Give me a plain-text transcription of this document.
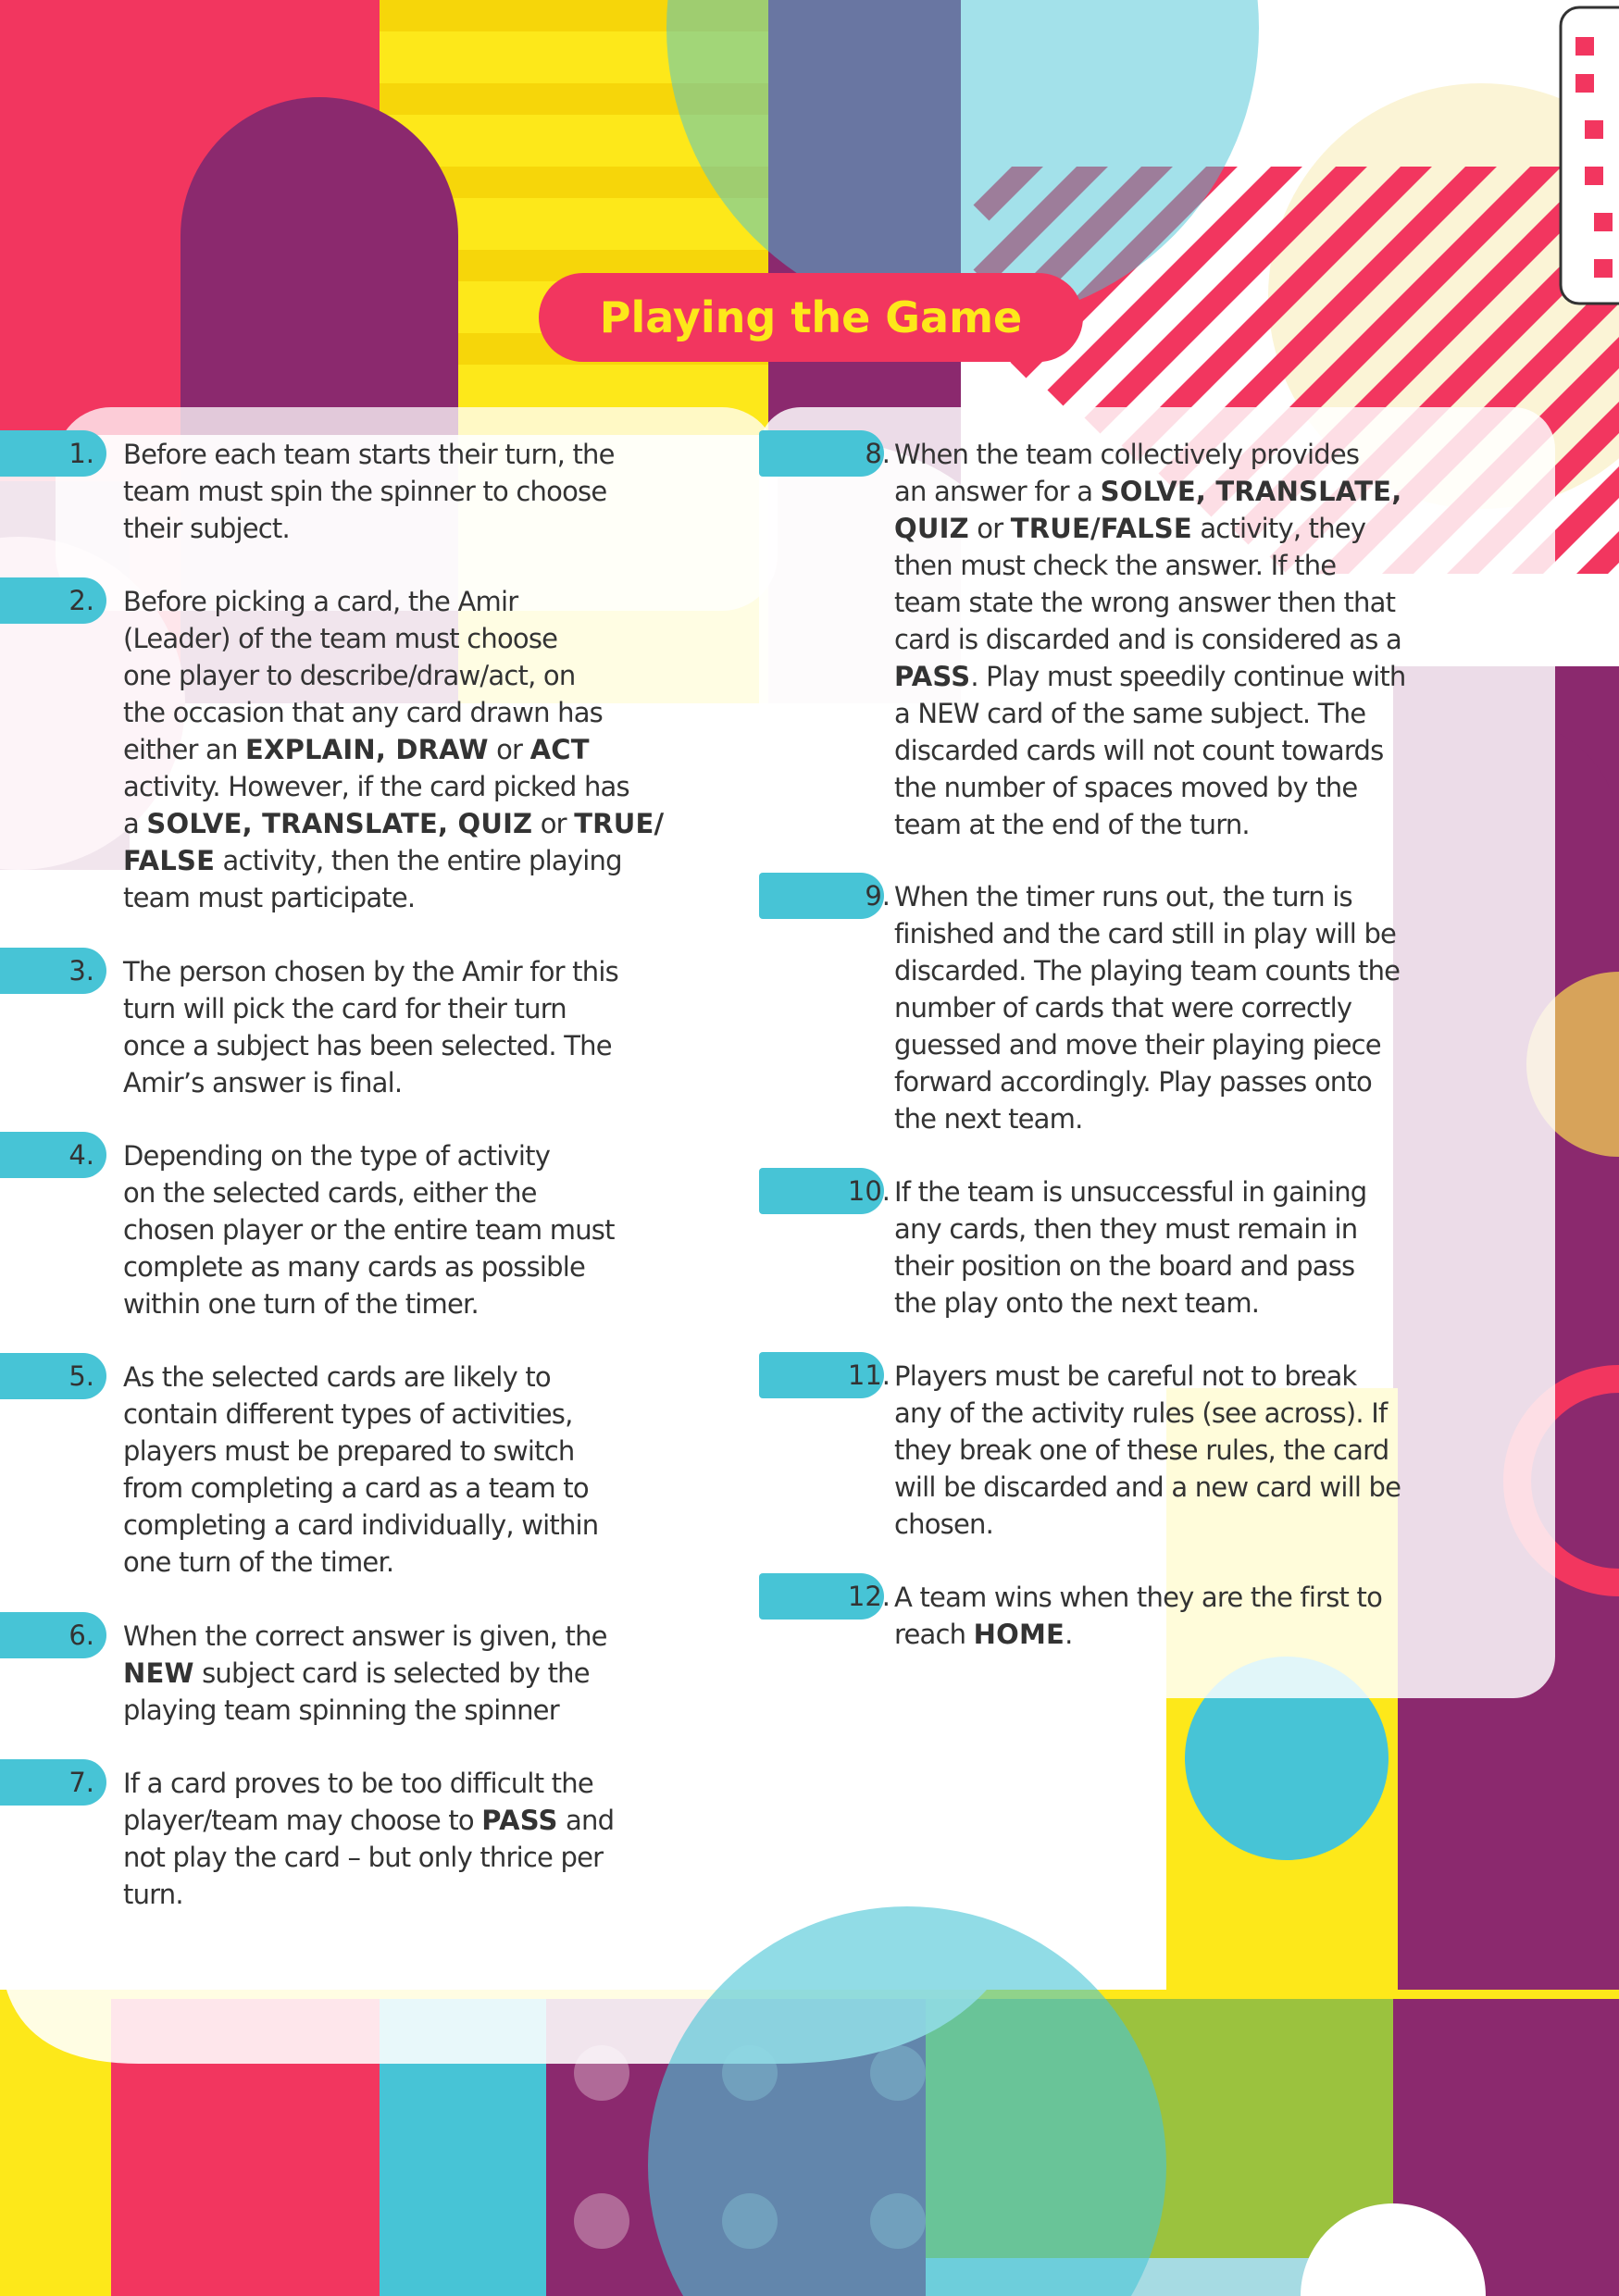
Playing the Game
1. Before each team starts their turn, the
team must spin the spinner to choose
their subject.
2. Before picking a card, the Amir
(Leader) of the team must choose
one player to describe/draw/act, on
the occasion that any card drawn has
either an EXPLAIN, DRAW or ACT
activity. However, if the card picked has
a SOLVE, TRANSLATE, QUIZ or TRUE/
FALSE activity, then the entire playing
team must participate.
3. The person chosen by the Amir for this
turn will pick the card for their turn
once a subject has been selected. The
Amir’s answer is final.
4. Depending on the type of activity
on the selected cards, either the
chosen player or the entire team must
complete as many cards as possible
within one turn of the timer.
5. As the selected cards are likely to
contain different types of activities,
players must be prepared to switch
from completing a card as a team to
completing a card individually, within
one turn of the timer.
6. When the correct answer is given, the
NEW subject card is selected by the
playing team spinning the spinner
7. If a card proves to be too difficult the
player/team may choose to PASS and
not play the card – but only thrice per
turn.
8. When the team collectively provides
an answer for a SOLVE, TRANSLATE,
QUIZ or TRUE/FALSE activity, they
then must check the answer. If the
team state the wrong answer then that
card is discarded and is considered as a
PASS. Play must speedily continue with
a NEW card of the same subject. The
discarded cards will not count towards
the number of spaces moved by the
team at the end of the turn.
9. When the timer runs out, the turn is
finished and the card still in play will be
discarded. The playing team counts the
number of cards that were correctly
guessed and move their playing piece
forward accordingly. Play passes onto
the next team.
10. If the team is unsuccessful in gaining
any cards, then they must remain in
their position on the board and pass
the play onto the next team.
11. Players must be careful not to break
any of the activity rules (see across). If
they break one of these rules, the card
will be discarded and a new card will be
chosen.
12. A team wins when they are the first to
reach HOME.
